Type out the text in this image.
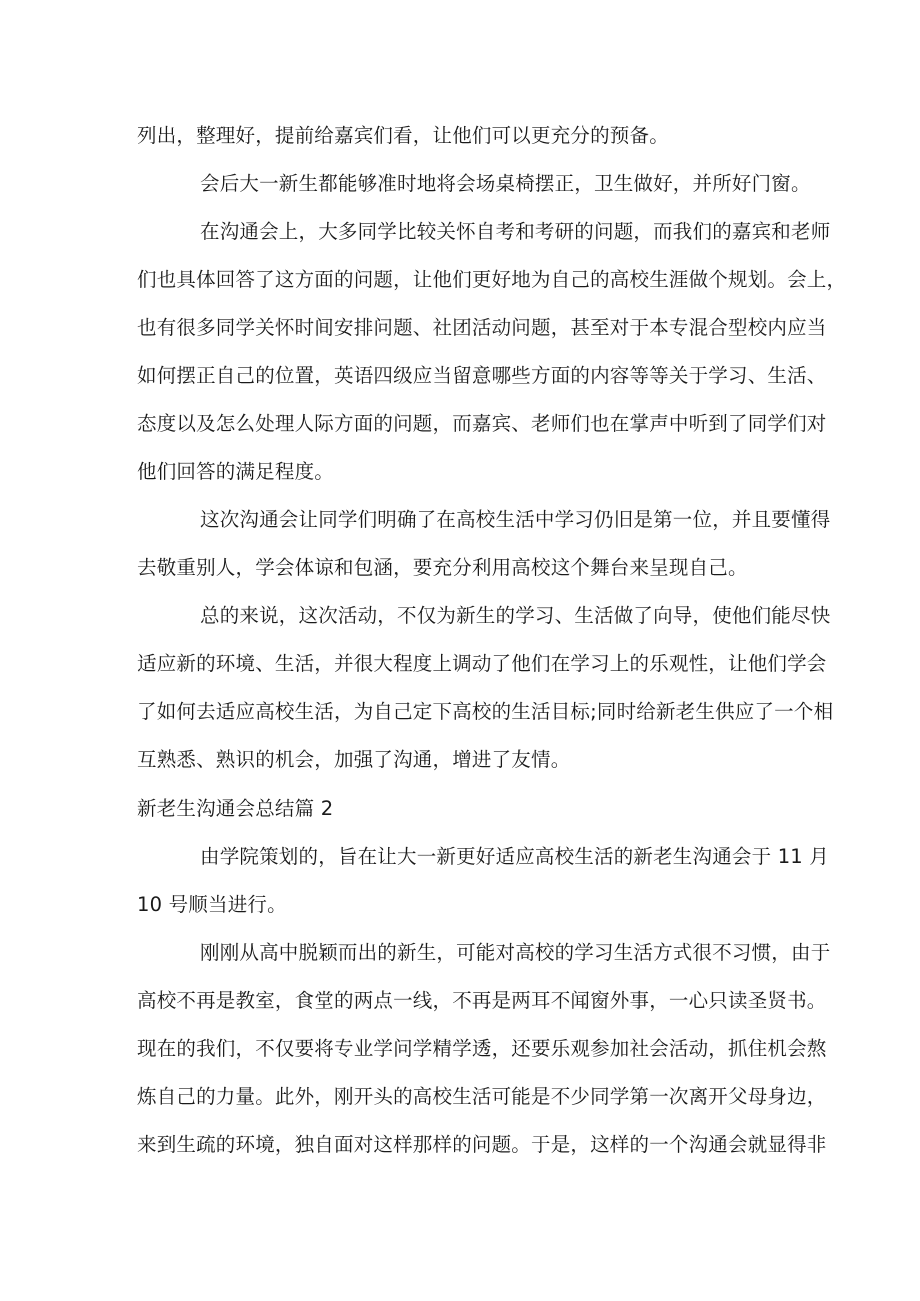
列出，整理好，提前给嘉宾们看，让他们可以更充分的预备。
会后大一新生都能够准时地将会场桌椅摆正，卫生做好，并所好门窗。
在沟通会上，大多同学比较关怀自考和考研的问题，而我们的嘉宾和老师
们也具体回答了这方面的问题，让他们更好地为自己的高校生涯做个规划。会上，
也有很多同学关怀时间安排问题、社团活动问题，甚至对于本专混合型校内应当
如何摆正自己的位置，英语四级应当留意哪些方面的内容等等关于学习、生活、
态度以及怎么处理人际方面的问题，而嘉宾、老师们也在掌声中听到了同学们对
他们回答的满足程度。
这次沟通会让同学们明确了在高校生活中学习仍旧是第一位，并且要懂得
去敬重别人，学会体谅和包涵，要充分利用高校这个舞台来呈现自己。
总的来说，这次活动，不仅为新生的学习、生活做了向导，使他们能尽快
适应新的环境、生活，并很大程度上调动了他们在学习上的乐观性，让他们学会
了如何去适应高校生活，为自己定下高校的生活目标;同时给新老生供应了一个相
互熟悉、熟识的机会，加强了沟通，增进了友情。
新老生沟通会总结篇 2
由学院策划的，旨在让大一新更好适应高校生活的新老生沟通会于 11 月
10 号顺当进行。
刚刚从高中脱颖而出的新生，可能对高校的学习生活方式很不习惯，由于
高校不再是教室，食堂的两点一线，不再是两耳不闻窗外事，一心只读圣贤书。
现在的我们，不仅要将专业学问学精学透，还要乐观参加社会活动，抓住机会熬
炼自己的力量。此外，刚开头的高校生活可能是不少同学第一次离开父母身边，
来到生疏的环境，独自面对这样那样的问题。于是，这样的一个沟通会就显得非
